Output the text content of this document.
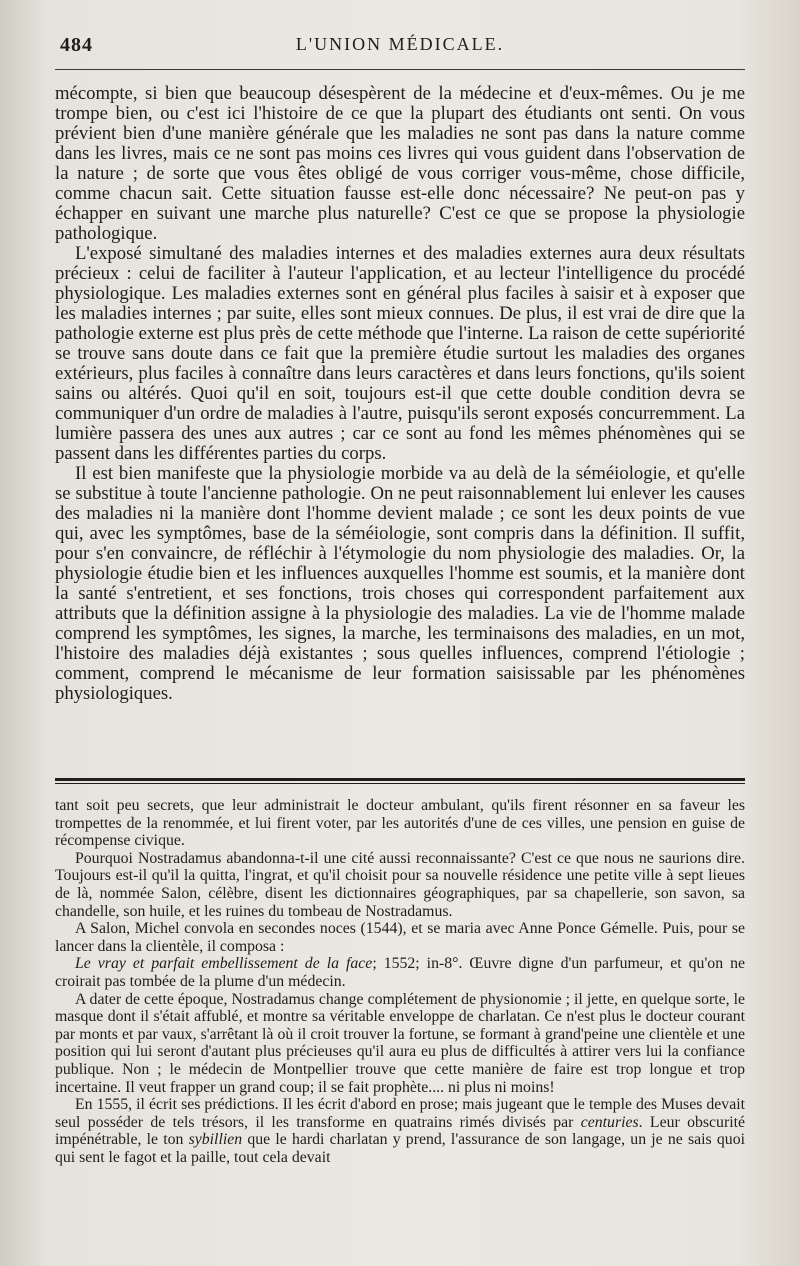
484	L'UNION MÉDICALE.

mécompte, si bien que beaucoup désespèrent de la médecine et d'eux-mêmes. Ou je me trompe bien, ou c'est ici l'histoire de ce que la plupart des étudiants ont senti. On vous prévient bien d'une manière générale que les maladies ne sont pas dans la nature comme dans les livres, mais ce ne sont pas moins ces livres qui vous guident dans l'observation de la nature ; de sorte que vous êtes obligé de vous corriger vous-même, chose difficile, comme chacun sait. Cette situation fausse est-elle donc nécessaire? Ne peut-on pas y échapper en suivant une marche plus naturelle? C'est ce que se propose la physiologie pathologique.

L'exposé simultané des maladies internes et des maladies externes aura deux résultats précieux : celui de faciliter à l'auteur l'application, et au lecteur l'intelligence du procédé physiologique. Les maladies externes sont en général plus faciles à saisir et à exposer que les maladies internes ; par suite, elles sont mieux connues. De plus, il est vrai de dire que la pathologie externe est plus près de cette méthode que l'interne. La raison de cette supériorité se trouve sans doute dans ce fait que la première étudie surtout les maladies des organes extérieurs, plus faciles à connaître dans leurs caractères et dans leurs fonctions, qu'ils soient sains ou altérés. Quoi qu'il en soit, toujours est-il que cette double condition devra se communiquer d'un ordre de maladies à l'autre, puisqu'ils seront exposés concurremment. La lumière passera des unes aux autres ; car ce sont au fond les mêmes phénomènes qui se passent dans les différentes parties du corps.

Il est bien manifeste que la physiologie morbide va au delà de la séméiologie, et qu'elle se substitue à toute l'ancienne pathologie. On ne peut raisonnablement lui enlever les causes des maladies ni la manière dont l'homme devient malade ; ce sont les deux points de vue qui, avec les symptômes, base de la séméiologie, sont compris dans la définition. Il suffit, pour s'en convaincre, de réfléchir à l'étymologie du nom physiologie des maladies. Or, la physiologie étudie bien et les influences auxquelles l'homme est soumis, et la manière dont la santé s'entretient, et ses fonctions, trois choses qui correspondent parfaitement aux attributs que la définition assigne à la physiologie des maladies. La vie de l'homme malade comprend les symptômes, les signes, la marche, les terminaisons des maladies, en un mot, l'histoire des maladies déjà existantes ; sous quelles influences, comprend l'étiologie ; comment, comprend le mécanisme de leur formation saisissable par les phénomènes physiologiques.

tant soit peu secrets, que leur administrait le docteur ambulant, qu'ils firent résonner en sa faveur les trompettes de la renommée, et lui firent voter, par les autorités d'une de ces villes, une pension en guise de récompense civique.

Pourquoi Nostradamus abandonna-t-il une cité aussi reconnaissante? C'est ce que nous ne saurions dire. Toujours est-il qu'il la quitta, l'ingrat, et qu'il choisit pour sa nouvelle résidence une petite ville à sept lieues de là, nommée Salon, célèbre, disent les dictionnaires géographiques, par sa chapellerie, son savon, sa chandelle, son huile, et les ruines du tombeau de Nostradamus.

A Salon, Michel convola en secondes noces (1544), et se maria avec Anne Ponce Gémelle. Puis, pour se lancer dans la clientèle, il composa :

Le vray et parfait embellissement de la face; 1552; in-8°. Œuvre digne d'un parfumeur, et qu'on ne croirait pas tombée de la plume d'un médecin.

A dater de cette époque, Nostradamus change complétement de physionomie ; il jette, en quelque sorte, le masque dont il s'était affublé, et montre sa véritable enveloppe de charlatan. Ce n'est plus le docteur courant par monts et par vaux, s'arrêtant là où il croit trouver la fortune, se formant à grand'peine une clientèle et une position qui lui seront d'autant plus précieuses qu'il aura eu plus de difficultés à attirer vers lui la confiance publique. Non ; le médecin de Montpellier trouve que cette manière de faire est trop longue et trop incertaine. Il veut frapper un grand coup; il se fait prophète.... ni plus ni moins!

En 1555, il écrit ses prédictions. Il les écrit d'abord en prose; mais jugeant que le temple des Muses devait seul posséder de tels trésors, il les transforme en quatrains rimés divisés par centuries. Leur obscurité impénétrable, le ton sybillien que le hardi charlatan y prend, l'assurance de son langage, un je ne sais quoi qui sent le fagot et la paille, tout cela devait
